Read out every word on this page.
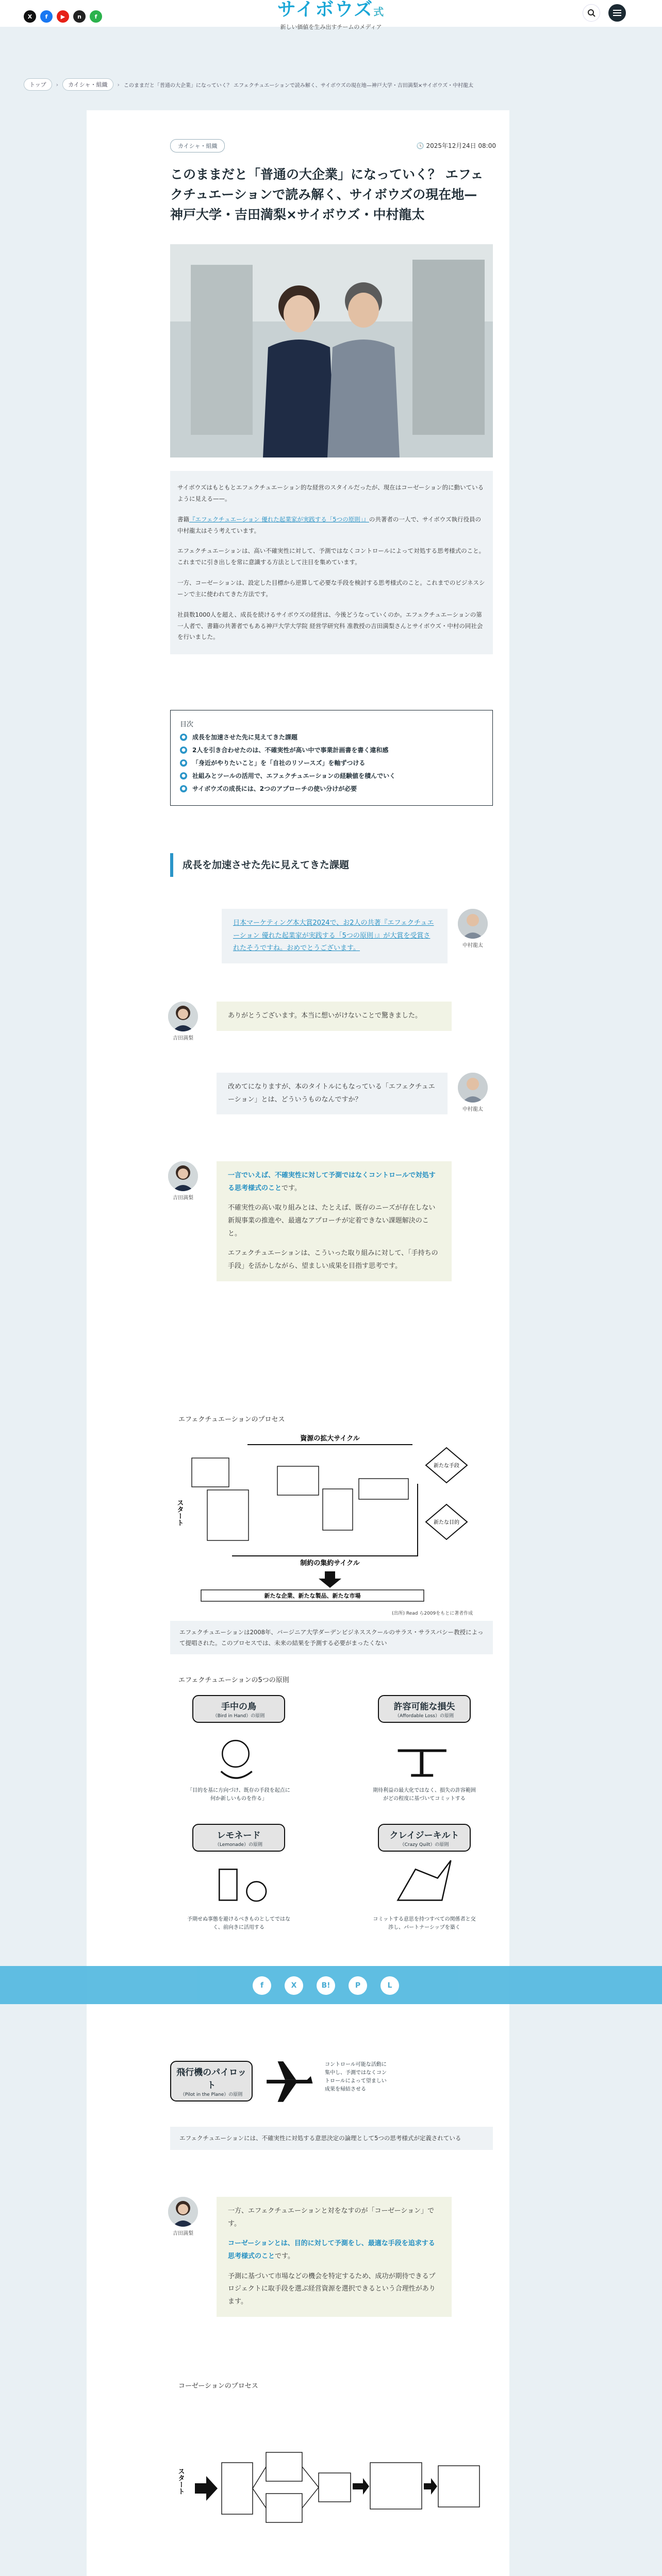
X	f	▶	n	f	サイボウズ式
新しい価値を生み出すチームのメディア
トップ	›	カイシャ・組織	› このままだと「普通の大企業」になっていく？ エフェクチュエーションで読み解く、サイボウズの現在地—神戸大学・吉田満梨×サイボウズ・中村龍太
カイシャ・組織	🕓 2025年12月24日 08:00
このままだと「普通の大企業」になっていく？ エフェクチュエーションで読み解く、サイボウズの現在地—神戸大学・吉田満梨×サイボウズ・中村龍太

サイボウズはもともとエフェクチュエーション的な経営のスタイルだったが、現在はコーゼーション的に動いているように見える——。

書籍『エフェクチュエーション 優れた起業家が実践する「5つの原則」』の共著者の一人で、サイボウズ執行役員の中村龍太はそう考えています。

エフェクチュエーションは、高い不確実性に対して、予測ではなくコントロールによって対処する思考様式のこと。これまでに引き出しを常に意識する方法として注目を集めています。

一方、コーゼーションは、設定した目標から逆算して必要な手段を検討する思考様式のこと。これまでのビジネスシーンで主に使われてきた方法です。

社員数1000人を超え、成長を続けるサイボウズの経営は、今後どうなっていくのか。エフェクチュエーションの第一人者で、書籍の共著者でもある神戸大学大学院 経営学研究科 准教授の吉田満梨さんとサイボウズ・中村の同社会を行いました。

目次
● 成長を加速させた先に見えてきた課題
● 2人を引き合わせたのは、不確実性が高い中で事業計画書を書く違和感
● 「身近がやりたいこと」を「自社のリソースズ」を軸ずつける
● 社組みとツールの活用で、エフェクチュエーションの経験値を積んでいく
● サイボウズの成長には、2つのアプローチの使い分けが必要
成長を加速させた先に見えてきた課題
日本マーケティング本大賞2024で、お2人の共著『エフェクチュエーション 優れた起業家が実践する「5つの原則」』が大賞を受賞されたそうですね。おめでとうございます。	中村龍太
吉田満梨
ありがとうございます。本当に想いがけないことで驚きました。
改めてになりますが、本のタイトルにもなっている「エフェクチュエーション」とは、どういうものなんですか？
中村龍太
吉田満梨

一言でいえば、不確実性に対して予測ではなくコントロールで対処する思考様式のことです。

不確実性の高い取り組みとは、たとえば、既存のニーズが存在しない新規事業の推進や、最適なアプローチが定着できない課題解決のこと。

エフェクチュエーションは、こういった取り組みに対して、「手持ちの手段」を活かしながら、望ましい成果を目指す思考です。

エフェクチュエーションのプロセス
資源の拡大サイクル
スタート
新たな手段
新たな目的
制約の集約サイクル
新たな企業、新たな製品、新たな市場
(出所) Read ら2009をもとに著者作成
エフェクチュエーションは2008年、バージニア大学ダーデンビジネススクールのサラス・サラスバシー教授によって提唱された。このプロセスでは、未来の結果を予測する必要がまったくない
エフェクチュエーションの5つの原則
手中の鳥
（Bird in Hand）の原則
「目的を基に方向づけ、既存の手段を起点に何か新しいものを作る」
許容可能な損失
（Affordable Loss）の原則
期待利益の最大化ではなく、損失の許容範囲がどの程度に基づいてコミットする
レモネード
（Lemonade）の原則
予期せぬ事態を避けるべきものとしてではなく、前向きに活用する
クレイジーキルト
（Crazy Quilt）の原則
コミットする意思を持つすべての関係者と交渉し、パートナーシップを築く
飛行機のパイロット
（Pilot in the Plane）の原則
コントロール可能な活動に集中し、予測ではなくコントロールによって望ましい成果を帰結させる
エフェクチュエーションには、不確実性に対処する意思決定の論理として5つの思考様式が定義されている
f	X	B!	P	L
吉田満梨

一方、エフェクチュエーションと対をなすのが「コーゼーション」です。

コーゼーションとは、目的に対して予測をし、最適な手段を追求する思考様式のことです。

予測に基づいて市場などの機会を特定するため、成功が期待できるプロジェクトに取手段を選ぶ経営資源を選択できるという合理性があります。

コーゼーションのプロセス
スタート
